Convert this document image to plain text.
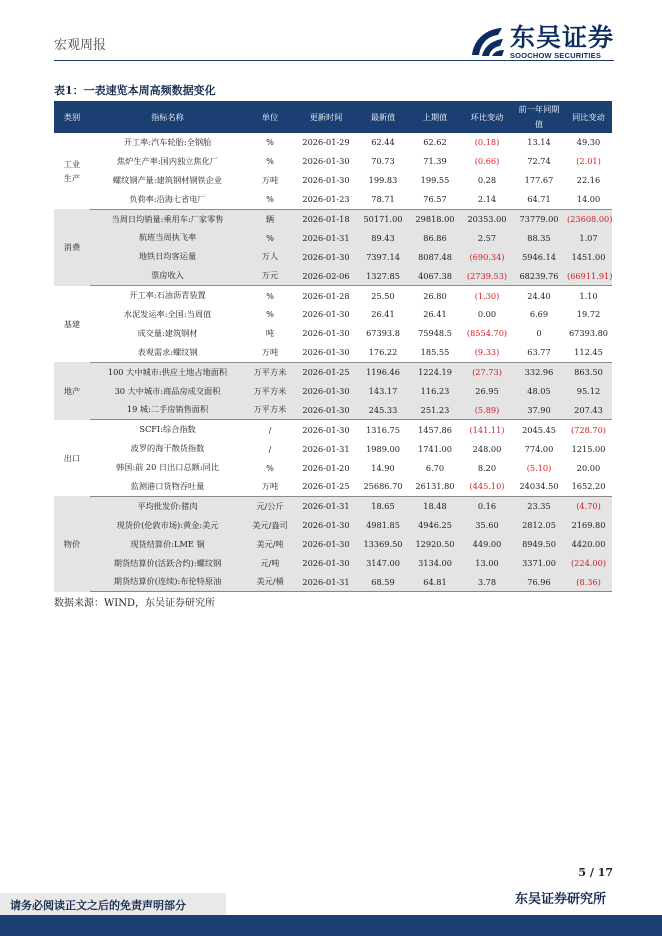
宏观周报	东吴证券
SOOCHOW SECURITIES
表1：一表速览本周高频数据变化
类别	指标名称	单位	更新时间	最新值	上期值	环比变动	前一年同期值	同比变动
工业
生产	开工率:汽车轮胎:全钢胎	%	2026-01-29	62.44	62.62	(0.18)	13.14	49.30
	焦炉生产率:国内独立焦化厂	%	2026-01-30	70.73	71.39	(0.66)	72.74	(2.01)
	螺纹钢产量:建筑钢材钢铁企业	万吨	2026-01-30	199.83	199.55	0.28	177.67	22.16
	负荷率:沿海七省电厂	%	2026-01-23	78.71	76.57	2.14	64.71	14.00
消费	当周日均销量:乘用车:厂家零售	辆	2026-01-18	50171.00	29818.00	20353.00	73779.00	(23608.00)
	航班当周执飞率	%	2026-01-31	89.43	86.86	2.57	88.35	1.07
	地铁日均客运量	万人	2026-01-30	7397.14	8087.48	(690.34)	5946.14	1451.00
	票房收入	万元	2026-02-06	1327.85	4067.38	(2739.53)	68239.76	(66911.91)
基建	开工率:石油沥青装置	%	2026-01-28	25.50	26.80	(1.30)	24.40	1.10
	水泥发运率:全国:当周值	%	2026-01-30	26.41	26.41	0.00	6.69	19.72
	成交量:建筑钢材	吨	2026-01-30	67393.8	75948.5	(8554.70)	0	67393.80
	表观需求:螺纹钢	万吨	2026-01-30	176.22	185.55	(9.33)	63.77	112.45
地产	100 大中城市:供应土地占地面积	万平方米	2026-01-25	1196.46	1224.19	(27.73)	332.96	863.50
	30 大中城市:商品房成交面积	万平方米	2026-01-30	143.17	116.23	26.95	48.05	95.12
	19 城:二手房销售面积	万平方米	2026-01-30	245.33	251.23	(5.89)	37.90	207.43
出口	SCFI:综合指数	/	2026-01-30	1316.75	1457.86	(141.11)	2045.45	(728.70)
	波罗的海干散货指数	/	2026-01-31	1989.00	1741.00	248.00	774.00	1215.00
	韩国:前 20 日出口总额:同比	%	2026-01-20	14.90	6.70	8.20	(5.10)	20.00
	监测港口货物吞吐量	万吨	2026-01-25	25686.70	26131.80	(445.10)	24034.50	1652.20
物价	平均批发价:猪肉	元/公斤	2026-01-31	18.65	18.48	0.16	23.35	(4.70)
	现货价(伦敦市场):黄金:美元	美元/盎司	2026-01-30	4981.85	4946.25	35.60	2812.05	2169.80
	现货结算价:LME 铜	美元/吨	2026-01-30	13369.50	12920.50	449.00	8949.50	4420.00
	期货结算价(活跃合约):螺纹钢	元/吨	2026-01-30	3147.00	3134.00	13.00	3371.00	(224.00)
	期货结算价(连续):布伦特原油	美元/桶	2026-01-31	68.59	64.81	3.78	76.96	(8.36)
数据来源：WIND，东吴证券研究所
5 / 17
请务必阅读正文之后的免责声明部分	东吴证券研究所
